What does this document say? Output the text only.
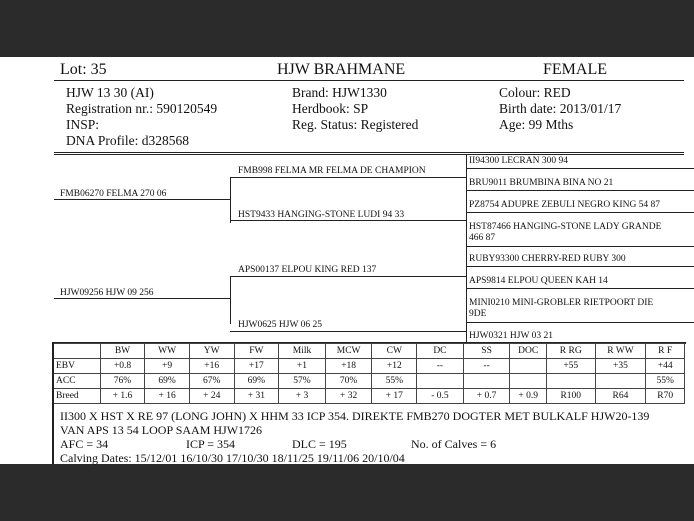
Lot: 35	HJW BRAHMANE	FEMALE
HJW 13 30 (AI)
Registration nr.: 590120549
INSP:
DNA Profile: d328568
Brand: HJW1330
Herdbook: SP
Reg. Status: Registered
Colour: RED
Birth date: 2013/01/17
Age: 99 Mths
FMB06270 FELMA 270 06
HJW09256 HJW 09 256
FMB998 FELMA MR FELMA DE CHAMPION
HST9433 HANGING-STONE LUDI 94 33
APS00137 ELPOU KING RED 137
HJW0625 HJW 06 25
II94300 LECRAN 300 94
BRU9011 BRUMBINA BINA NO 21
PZ8754 ADUPRE ZEBULI NEGRO KING 54 87
HST87466 HANGING-STONE LADY GRANDE
466 87
RUBY93300 CHERRY-RED RUBY 300
APS9814 ELPOU QUEEN KAH 14
MINI0210 MINI-GROBLER RIETPOORT DIE
9DE
HJW0321 HJW 03 21
	BW	WW	YW	FW	Milk	MCW	CW	DC	SS	DOC	R RG	R WW	R F
EBV	+0.8	+9	+16	+17	+1	+18	+12	--	--		+55	+35	+44
ACC	76%	69%	67%	69%	57%	70%	55%						55%
Breed	+ 1.6	+ 16	+ 24	+ 31	+ 3	+ 32	+ 17	- 0.5	+ 0.7	+ 0.9	R100	R64	R70
II300 X HST X RE 97 (LONG JOHN) X HHM 33 ICP 354. DIREKTE FMB270 DOGTER MET BULKALF HJW20-139
VAN APS 13 54 LOOP SAAM HJW1726
AFC = 34	ICP = 354	DLC = 195	No. of Calves = 6
Calving Dates: 15/12/01 16/10/30 17/10/30 18/11/25 19/11/06 20/10/04
